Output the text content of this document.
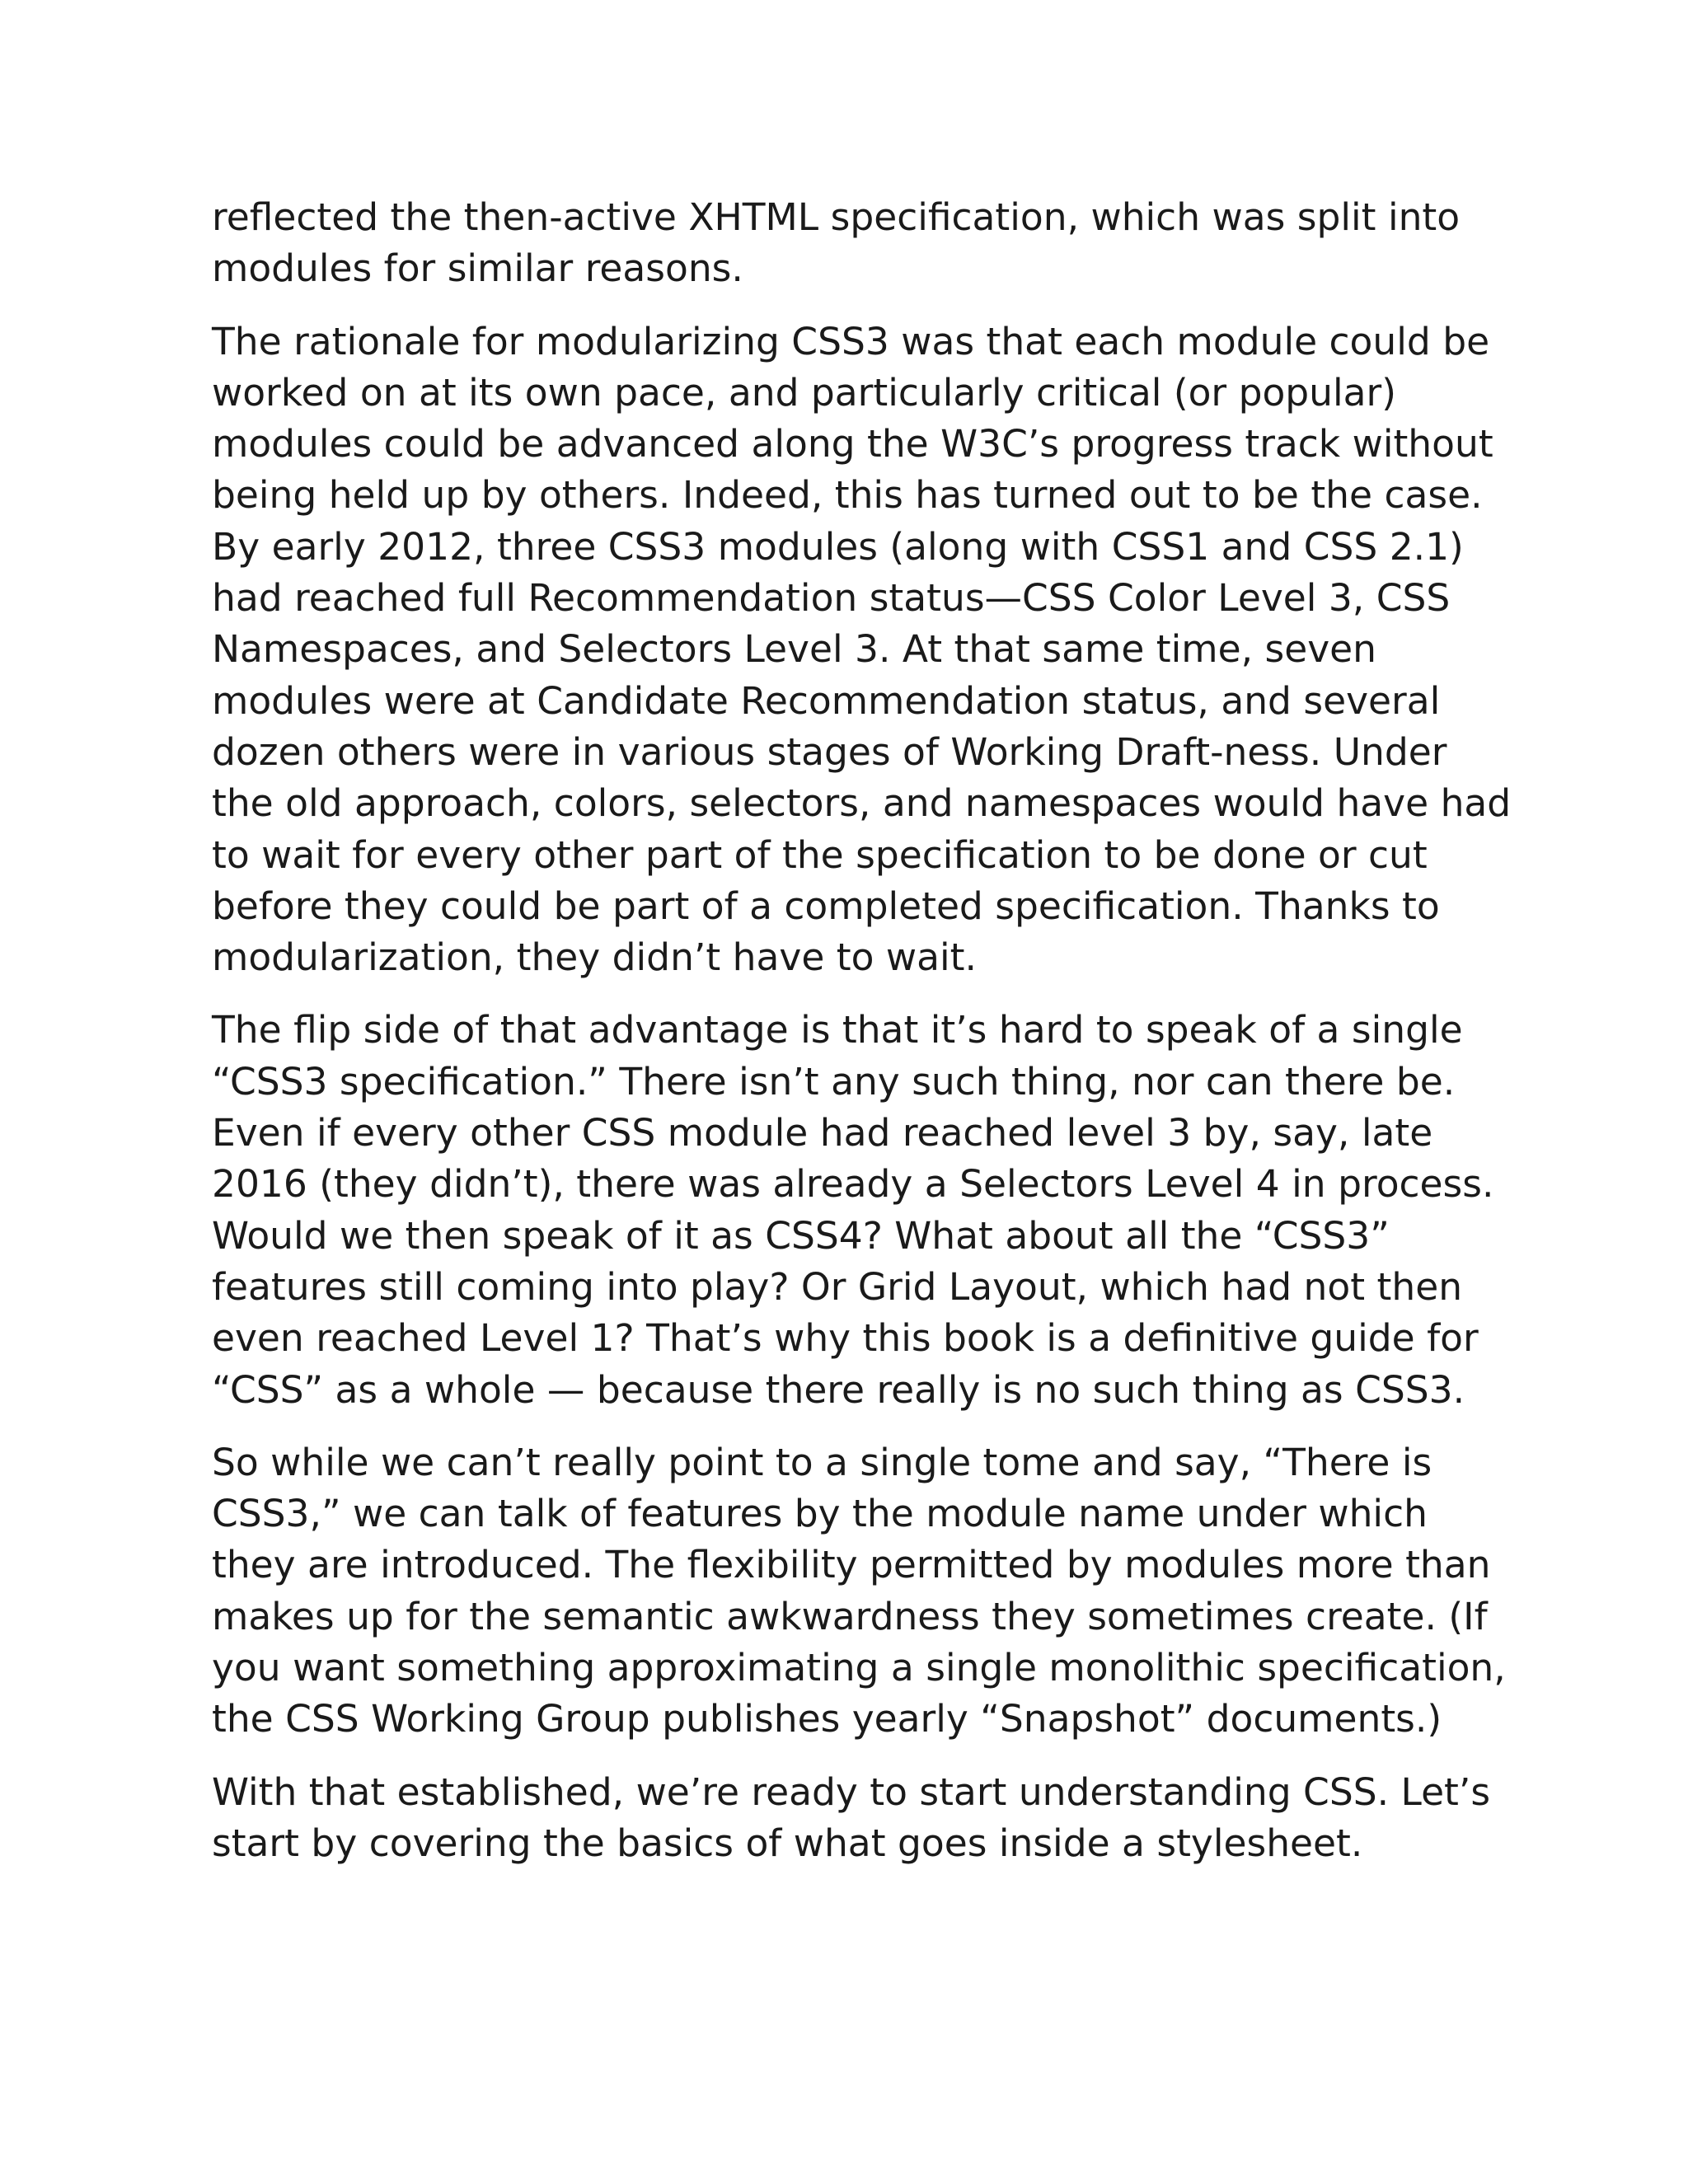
reflected the then-active XHTML specification, which was split into
modules for similar reasons.

The rationale for modularizing CSS3 was that each module could be
worked on at its own pace, and particularly critical (or popular)
modules could be advanced along the W3C’s progress track without
being held up by others. Indeed, this has turned out to be the case.
By early 2012, three CSS3 modules (along with CSS1 and CSS 2.1)
had reached full Recommendation status—CSS Color Level 3, CSS
Namespaces, and Selectors Level 3. At that same time, seven
modules were at Candidate Recommendation status, and several
dozen others were in various stages of Working Draft-ness. Under
the old approach, colors, selectors, and namespaces would have had
to wait for every other part of the specification to be done or cut
before they could be part of a completed specification. Thanks to
modularization, they didn’t have to wait.

The flip side of that advantage is that it’s hard to speak of a single
“CSS3 specification.” There isn’t any such thing, nor can there be.
Even if every other CSS module had reached level 3 by, say, late
2016 (they didn’t), there was already a Selectors Level 4 in process.
Would we then speak of it as CSS4? What about all the “CSS3”
features still coming into play? Or Grid Layout, which had not then
even reached Level 1? That’s why this book is a definitive guide for
“CSS” as a whole — because there really is no such thing as CSS3.

So while we can’t really point to a single tome and say, “There is
CSS3,” we can talk of features by the module name under which
they are introduced. The flexibility permitted by modules more than
makes up for the semantic awkwardness they sometimes create. (If
you want something approximating a single monolithic specification,
the CSS Working Group publishes yearly “Snapshot” documents.)

With that established, we’re ready to start understanding CSS. Let’s
start by covering the basics of what goes inside a stylesheet.
